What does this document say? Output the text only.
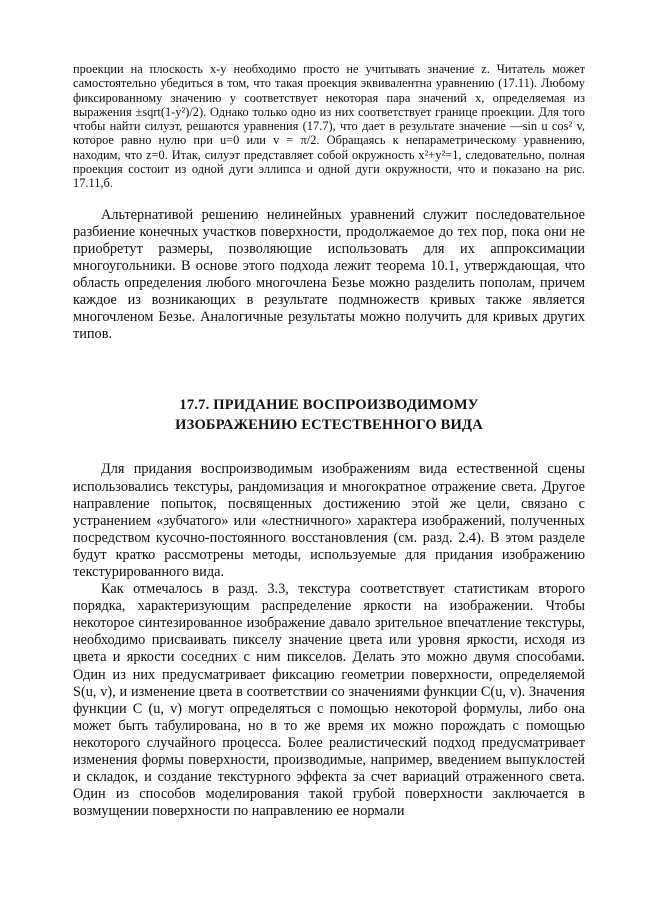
проекции на плоскость x-y необходимо просто не учитывать значение z. Читатель может самостоятельно убедиться в том, что такая проекция эквивалентна уравнению (17.11). Любому фиксированному значению y соответствует некоторая пара значений x, определяемая из выражения ±sqrt(1-y²)/2). Однако только одно из них соответствует границе проекции. Для того чтобы найти силуэт, решаются уравнения (17.7), что дает в результате значение —sin u cos² v, которое равно нулю при u=0 или v = π/2. Обращаясь к непараметрическому уравнению, находим, что z=0. Итак, силуэт представляет собой окружность x²+y²=1, следовательно, полная проекция состоит из одной дуги эллипса и одной дуги окружности, что и показано на рис. 17.11,б.

Альтернативой решению нелинейных уравнений служит последовательное разбиение конечных участков поверхности, продолжаемое до тех пор, пока они не приобретут размеры, позволяющие использовать для их аппроксимации многоугольники. В основе этого подхода лежит теорема 10.1, утверждающая, что область определения любого многочлена Безье можно разделить пополам, причем каждое из возникающих в результате подмножеств кривых также является многочленом Безье. Аналогичные результаты можно получить для кривых других типов.

17.7. ПРИДАНИЕ ВОСПРОИЗВОДИМОМУ
ИЗОБРАЖЕНИЮ ЕСТЕСТВЕННОГО ВИДА

Для придания воспроизводимым изображениям вида естественной сцены использовались текстуры, рандомизация и многократное отражение света. Другое направление попыток, посвященных достижению этой же цели, связано с устранением «зубчатого» или «лестничного» характера изображений, полученных посредством кусочно-постоянного восстановления (см. разд. 2.4). В этом разделе будут кратко рассмотрены методы, используемые для придания изображению текстурированного вида.

Как отмечалось в разд. 3.3, текстура соответствует статистикам второго порядка, характеризующим распределение яркости на изображении. Чтобы некоторое синтезированное изображение давало зрительное впечатление текстуры, необходимо присваивать пикселу значение цвета или уровня яркости, исходя из цвета и яркости соседних с ним пикселов. Делать это можно двумя способами. Один из них предусматривает фиксацию геометрии поверхности, определяемой S(u, v), и изменение цвета в соответствии со значениями функции C(u, v). Значения функции C (u, v) могут определяться с помощью некоторой формулы, либо она может быть табулирована, но в то же время их можно порождать с помощью некоторого случайного процесса. Более реалистический подход предусматривает изменения формы поверхности, производимые, например, введением выпуклостей и складок, и создание текстурного эффекта за счет вариаций отраженного света. Один из способов моделирования такой грубой поверхности заключается в возмущении поверхности по направлению ее нормали
